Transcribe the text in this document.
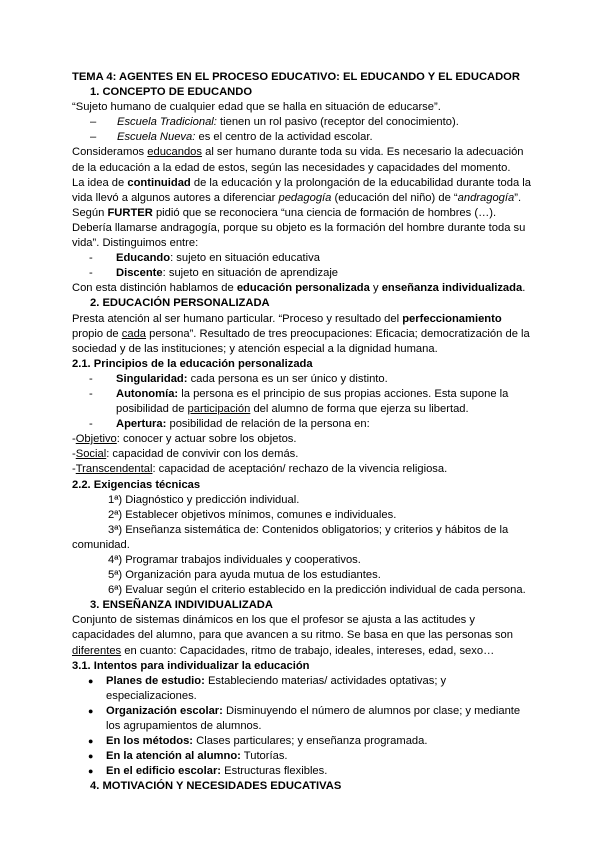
TEMA 4: AGENTES EN EL PROCESO EDUCATIVO: EL EDUCANDO Y EL EDUCADOR

1. CONCEPTO DE EDUCANDO

“Sujeto humano de cualquier edad que se halla en situación de educarse”.

– Escuela Tradicional: tienen un rol pasivo (receptor del conocimiento).

– Escuela Nueva: es el centro de la actividad escolar.

Consideramos educandos al ser humano durante toda su vida. Es necesario la adecuación de la educación a la edad de estos, según las necesidades y capacidades del momento.

La idea de continuidad de la educación y la prolongación de la educabilidad durante toda la vida llevó a algunos autores a diferenciar pedagogía (educación del niño) de “andragogía”. Según FURTER pidió que se reconociera “una ciencia de formación de hombres (…). Debería llamarse andragogía, porque su objeto es la formación del hombre durante toda su vida”. Distinguimos entre:

- Educando: sujeto en situación educativa

- Discente: sujeto en situación de aprendizaje

Con esta distinción hablamos de educación personalizada y enseñanza individualizada.

2. EDUCACIÓN PERSONALIZADA

Presta atención al ser humano particular. “Proceso y resultado del perfeccionamiento propio de cada persona”. Resultado de tres preocupaciones: Eficacia; democratización de la sociedad y de las instituciones; y atención especial a la dignidad humana.

2.1. Principios de la educación personalizada

- Singularidad: cada persona es un ser único y distinto.

- Autonomía: la persona es el principio de sus propias acciones. Esta supone la posibilidad de participación del alumno de forma que ejerza su libertad.

- Apertura: posibilidad de relación de la persona en:

-Objetivo: conocer y actuar sobre los objetos.

-Social: capacidad de convivir con los demás.

-Transcendental: capacidad de aceptación/ rechazo de la vivencia religiosa.

2.2. Exigencias técnicas

1ª) Diagnóstico y predicción individual.

2ª) Establecer objetivos mínimos, comunes e individuales.

3ª) Enseñanza sistemática de: Contenidos obligatorios; y criterios y hábitos de la comunidad.

4ª) Programar trabajos individuales y cooperativos.

5ª) Organización para ayuda mutua de los estudiantes.

6ª) Evaluar según el criterio establecido en la predicción individual de cada persona.

3. ENSEÑANZA INDIVIDUALIZADA

Conjunto de sistemas dinámicos en los que el profesor se ajusta a las actitudes y capacidades del alumno, para que avancen a su ritmo. Se basa en que las personas son diferentes en cuanto: Capacidades, ritmo de trabajo, ideales, intereses, edad, sexo…

3.1. Intentos para individualizar la educación

● Planes de estudio: Estableciendo materias/ actividades optativas; y especializaciones.

● Organización escolar: Disminuyendo el número de alumnos por clase; y mediante los agrupamientos de alumnos.

● En los métodos: Clases particulares; y enseñanza programada.

● En la atención al alumno: Tutorías.

● En el edificio escolar: Estructuras flexibles.

4. MOTIVACIÓN Y NECESIDADES EDUCATIVAS
